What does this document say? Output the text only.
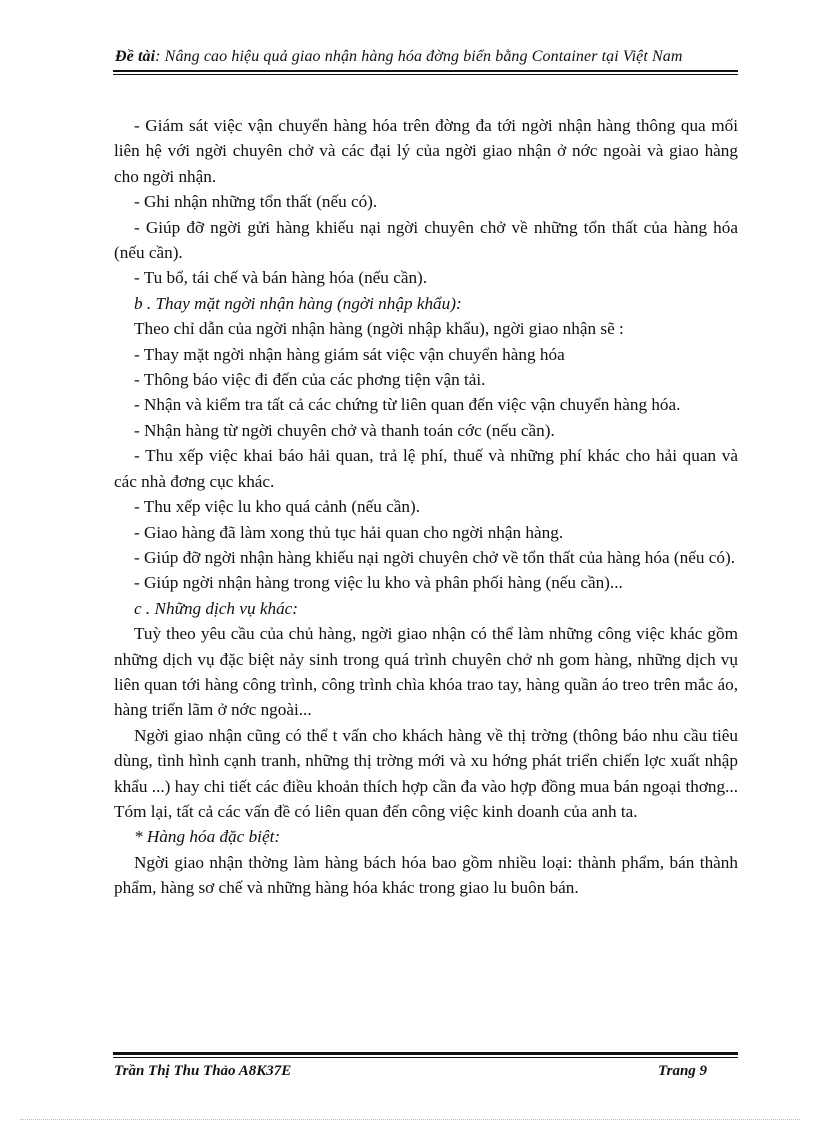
Đề tài: Nâng cao hiệu quả giao nhận hàng hóa đờng biển bằng Container tại Việt Nam

- Giám sát việc vận chuyển hàng hóa trên đờng đa tới ngời nhận hàng thông qua mối liên hệ với ngời chuyên chở và các đại lý của ngời giao nhận ở nớc ngoài và giao hàng cho ngời nhận.

- Ghi nhận những tổn thất (nếu có).

- Giúp đỡ ngời gửi hàng khiếu nại ngời chuyên chở về những tổn thất của hàng hóa (nếu cần).

- Tu bổ, tái chế và bán hàng hóa (nếu cần).

b . Thay mặt ngời nhận hàng (ngời nhập khẩu):

Theo chỉ dẫn của ngời nhận hàng (ngời nhập khẩu), ngời giao nhận sẽ :

- Thay mặt ngời nhận hàng giám sát việc vận chuyển hàng hóa

- Thông báo việc đi đến của các phơng tiện vận tải.

- Nhận và kiểm tra tất cả các chứng từ liên quan đến việc vận chuyển hàng hóa.

- Nhận hàng từ ngời chuyên chở và thanh toán cớc (nếu cần).

- Thu xếp việc khai báo hải quan, trả lệ phí, thuế và những phí khác cho hải quan và các nhà đơng cục khác.

- Thu xếp việc lu kho quá cảnh (nếu cần).

- Giao hàng đã làm xong thủ tục hải quan cho ngời nhận hàng.

- Giúp đỡ ngời nhận hàng khiếu nại ngời chuyên chở về tổn thất của hàng hóa (nếu có).

- Giúp ngời nhận hàng trong việc lu kho và phân phối hàng (nếu cần)...

c . Những dịch vụ khác:

Tuỳ theo yêu cầu của chủ hàng, ngời giao nhận có thể làm những công việc khác gồm những dịch vụ đặc biệt nảy sinh trong quá trình chuyên chở nh gom hàng, những dịch vụ liên quan tới hàng công trình, công trình chìa khóa trao tay, hàng quần áo treo trên mắc áo, hàng triển lãm ở nớc ngoài...

Ngời giao nhận cũng có thể t vấn cho khách hàng về thị trờng (thông báo nhu cầu tiêu dùng, tình hình cạnh tranh, những thị trờng mới và xu hớng phát triển chiến lợc xuất nhập khẩu ...) hay chi tiết các điều khoản thích hợp cần đa vào hợp đồng mua bán ngoại thơng... Tóm lại, tất cả các vấn đề có liên quan đến công việc kinh doanh của anh ta.

* Hàng hóa đặc biệt:

Ngời giao nhận thờng làm hàng bách hóa bao gồm nhiều loại: thành phẩm, bán thành phẩm, hàng sơ chế và những hàng hóa khác trong giao lu buôn bán.

Trần Thị Thu Thảo A8K37E	Trang 9
